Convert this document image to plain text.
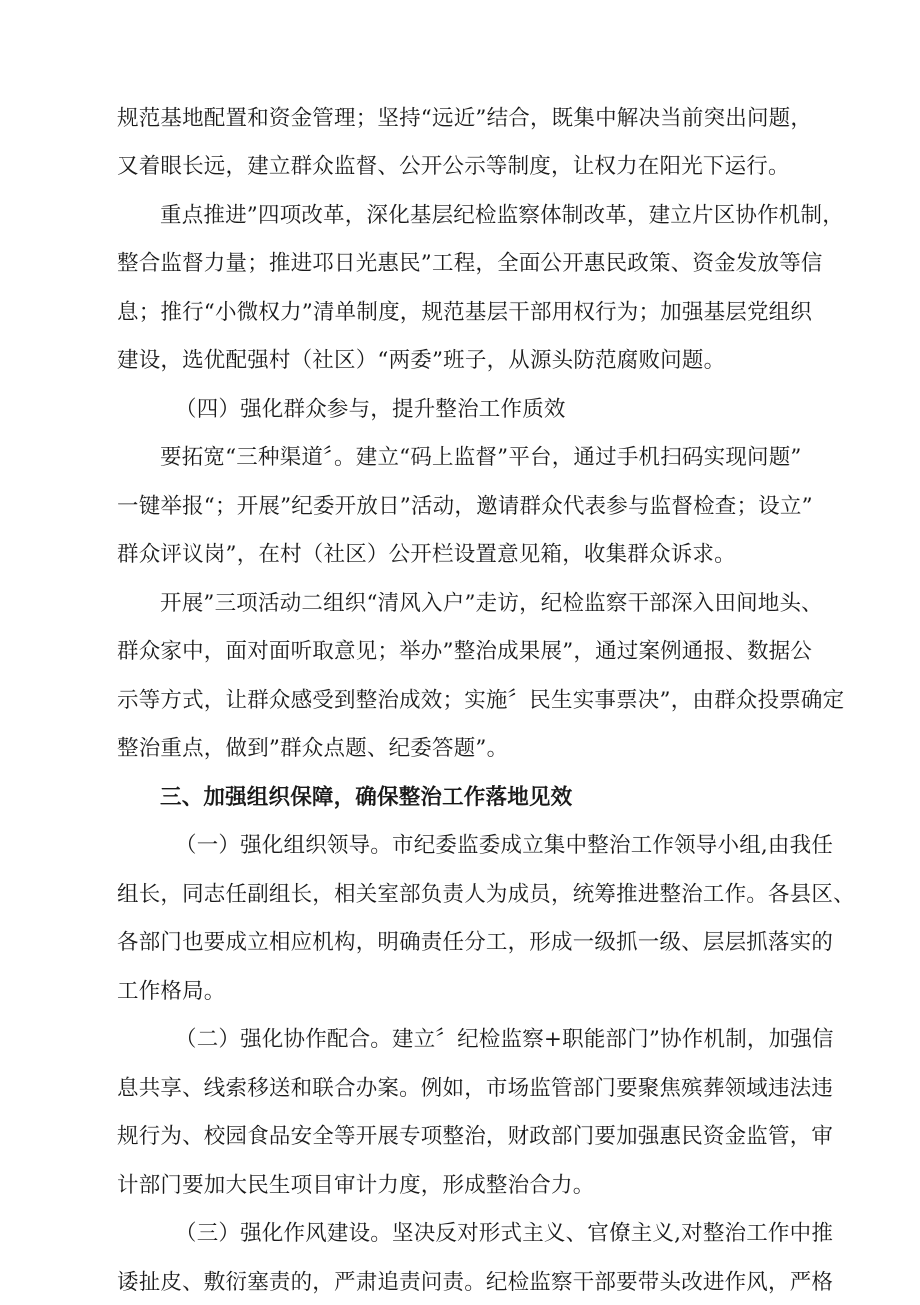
规范基地配置和资金管理；坚持“远近”结合，既集中解决当前突出问题，
又着眼长远，建立群众监督、公开公示等制度，让权力在阳光下运行。
重点推进”四项改革，深化基层纪检监察体制改革，建立片区协作机制，
整合监督力量；推进邛日光惠民”工程，全面公开惠民政策、资金发放等信
息；推行“小微权力”清单制度，规范基层干部用权行为；加强基层党组织
建设，选优配强村（社区）“两委”班子，从源头防范腐败问题。
（四）强化群众参与，提升整治工作质效
要拓宽“三种渠道〞。建立“码上监督”平台，通过手机扫码实现问题”
一键举报“；开展”纪委开放日”活动，邀请群众代表参与监督检查；设立”
群众评议岗”，在村（社区）公开栏设置意见箱，收集群众诉求。
开展”三项活动二组织“清风入户”走访，纪检监察干部深入田间地头、
群众家中，面对面听取意见；举办”整治成果展”，通过案例通报、数据公
示等方式，让群众感受到整治成效；实施〞民生实事票决”，由群众投票确定
整治重点，做到”群众点题、纪委答题”。
三、加强组织保障，确保整治工作落地见效
（一）强化组织领导。市纪委监委成立集中整治工作领导小组,由我任
组长，同志任副组长，相关室部负责人为成员，统筹推进整治工作。各县区、
各部门也要成立相应机构，明确责任分工，形成一级抓一级、层层抓落实的
工作格局。
（二）强化协作配合。建立〞纪检监察+职能部门”协作机制，加强信
息共享、线索移送和联合办案。例如，市场监管部门要聚焦殡葬领域违法违
规行为、校园食品安全等开展专项整治，财政部门要加强惠民资金监管，审
计部门要加大民生项目审计力度，形成整治合力。
（三）强化作风建设。坚决反对形式主义、官僚主义,对整治工作中推
诿扯皮、敷衍塞责的，严肃追责问责。纪检监察干部要带头改进作风，严格
